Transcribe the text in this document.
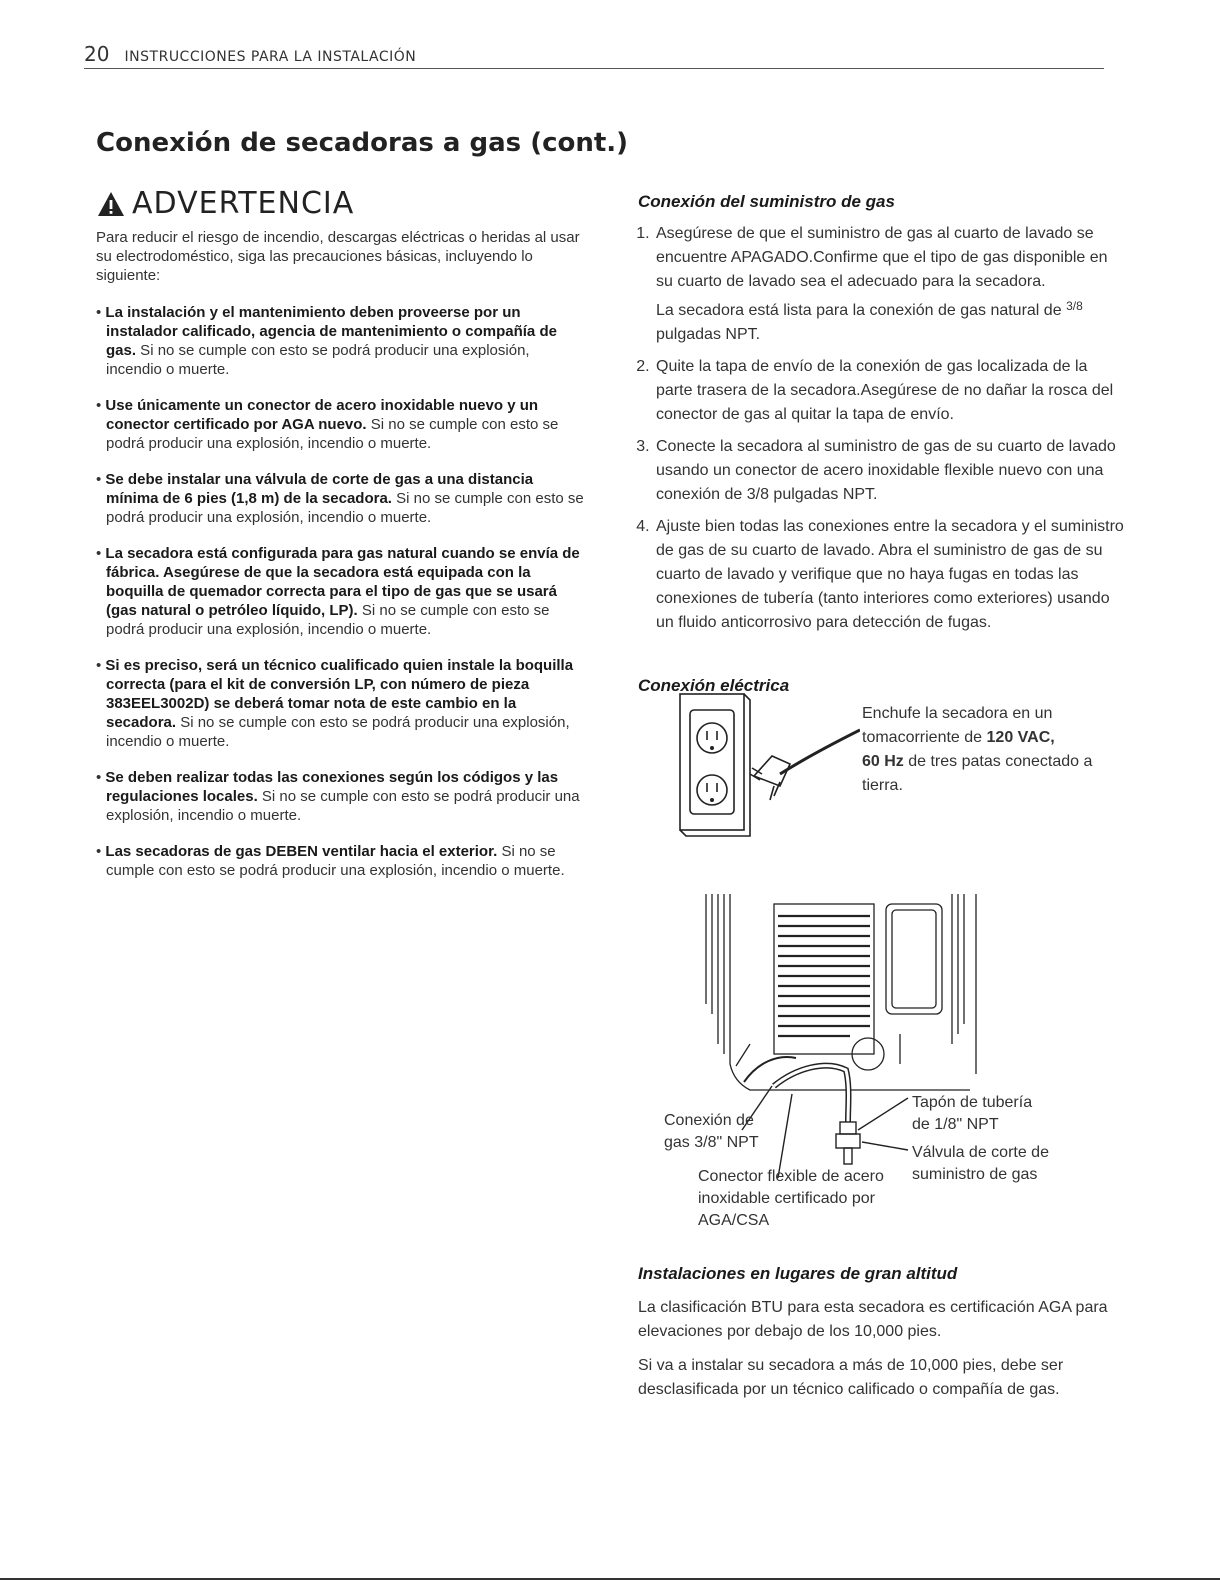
20 INSTRUCCIONES PARA LA INSTALACIÓN
Conexión de secadoras a gas (cont.)
ADVERTENCIA

Para reducir el riesgo de incendio, descargas eléctricas o heridas al usar su electrodoméstico, siga las precauciones básicas, incluyendo lo siguiente:

• La instalación y el mantenimiento deben proveerse por un instalador calificado, agencia de mantenimiento o compañía de gas. Si no se cumple con esto se podrá producir una explosión, incendio o muerte.

• Use únicamente un conector de acero inoxidable nuevo y un conector certificado por AGA nuevo. Si no se cumple con esto se podrá producir una explosión, incendio o muerte.

• Se debe instalar una válvula de corte de gas a una distancia mínima de 6 pies (1,8 m) de la secadora. Si no se cumple con esto se podrá producir una explosión, incendio o muerte.

• La secadora está configurada para gas natural cuando se envía de fábrica. Asegúrese de que la secadora está equipada con la boquilla de quemador correcta para el tipo de gas que se usará (gas natural o petróleo líquido, LP). Si no se cumple con esto se podrá producir una explosión, incendio o muerte.

• Si es preciso, será un técnico cualificado quien instale la boquilla correcta (para el kit de conversión LP, con número de pieza 383EEL3002D) se deberá tomar nota de este cambio en la secadora. Si no se cumple con esto se podrá producir una explosión, incendio o muerte.

• Se deben realizar todas las conexiones según los códigos y las regulaciones locales. Si no se cumple con esto se podrá producir una explosión, incendio o muerte.

• Las secadoras de gas DEBEN ventilar hacia el exterior. Si no se cumple con esto se podrá producir una explosión, incendio o muerte.

Conexión del suministro de gas

1. Asegúrese de que el suministro de gas al cuarto de lavado se encuentre APAGADO.Confirme que el tipo de gas disponible en su cuarto de lavado sea el adecuado para la secadora.
La secadora está lista para la conexión de gas natural de $^{3/8}$
pulgadas NPT.
2. Quite la tapa de envío de la conexión de gas localizada de la parte trasera de la secadora.Asegúrese de no dañar la rosca del conector de gas al quitar la tapa de envío.
3. Conecte la secadora al suministro de gas de su cuarto de lavado usando un conector de acero inoxidable flexible nuevo con una conexión de 3/8 pulgadas NPT.
4. Ajuste bien todas las conexiones entre la secadora y el suministro de gas de su cuarto de lavado. Abra el suministro de gas de su cuarto de lavado y verifique que no haya fugas en todas las conexiones de tubería (tanto interiores como exteriores) usando un fluido anticorrosivo para detección de fugas.

Conexión eléctrica

Enchufe la secadora en un tomacorriente de 120 VAC,
60 Hz de tres patas conectado a tierra.
Conexión de gas 3/8" NPT
Conector flexible de acero inoxidable certificado por AGA/CSA
Tapón de tubería de 1/8" NPT
Válvula de corte de suministro de gas

Instalaciones en lugares de gran altitud

La clasificación BTU para esta secadora es certificación AGA para elevaciones por debajo de los 10,000 pies.

Si va a instalar su secadora a más de 10,000 pies, debe ser desclasificada por un técnico calificado o compañía de gas.
